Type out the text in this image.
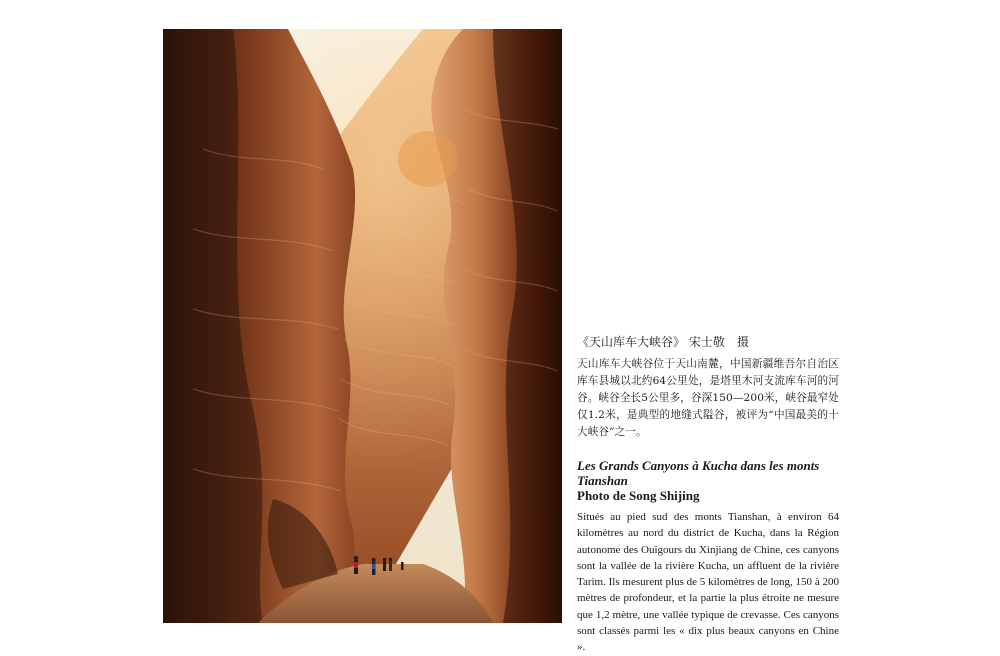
《天山库车大峡谷》 宋士敬　摄

天山库车大峡谷位于天山南麓，中国新疆维吾尔自治区库车县城以北约64公里处，是塔里木河支流库车河的河谷。峡谷全长5公里多，谷深150—200米，峡谷最窄处仅1.2米，是典型的地缝式隘谷，被评为“中国最美的十大峡谷”之一。

Les Grands Canyons à Kucha dans les monts Tianshan

Photo de Song Shijing

Situés au pied sud des monts Tianshan, à environ 64 kilomètres au nord du district de Kucha, dans la Région autonome des Ouïgours du Xinjiang de Chine, ces canyons sont la vallée de la rivière Kucha, un affluent de la rivière Tarim. Ils mesurent plus de 5 kilomètres de long, 150 à 200 mètres de profondeur, et la partie la plus étroite ne mesure que 1,2 mètre, une vallée typique de crevasse. Ces canyons sont classés parmi les « dix plus beaux canyons en Chine ».
